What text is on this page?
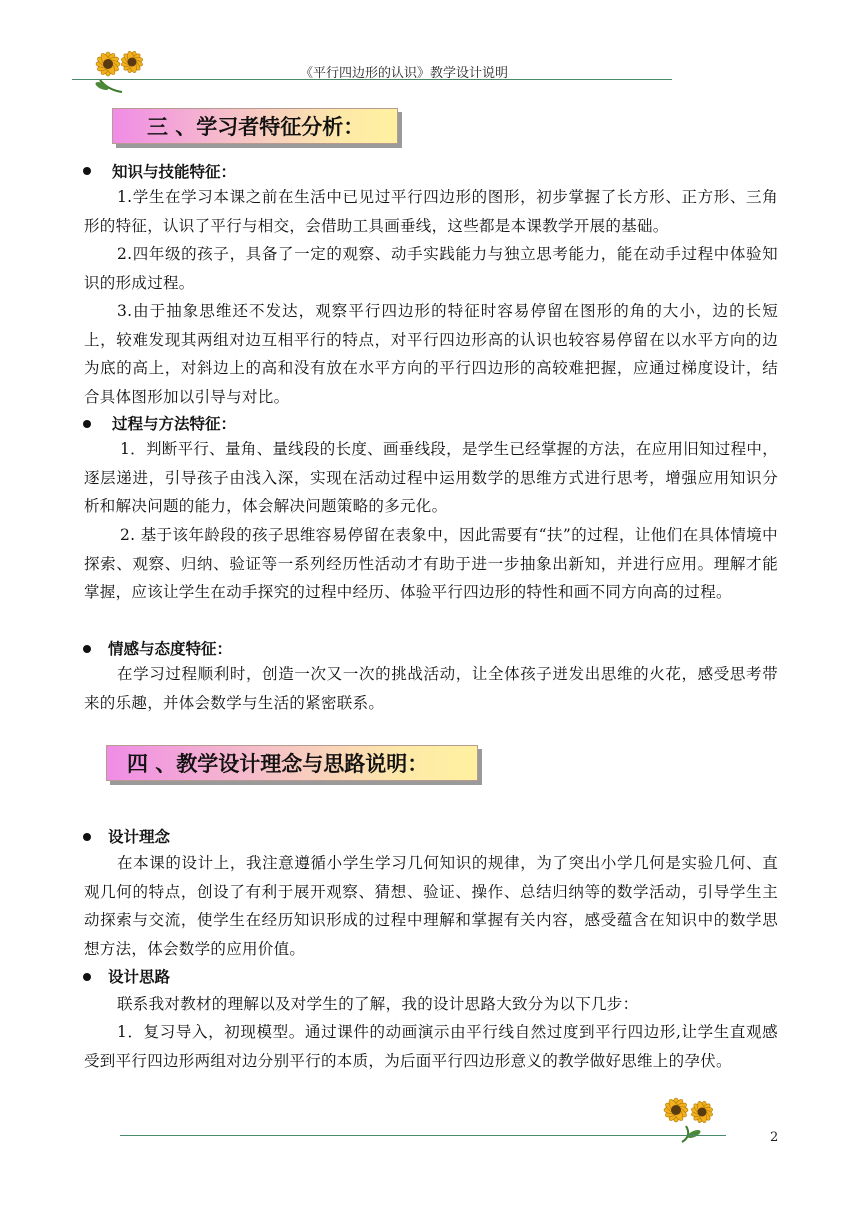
《平行四边形的认识》教学设计说明
三 、学习者特征分析：
知识与技能特征：
1.学生在学习本课之前在生活中已见过平行四边形的图形，初步掌握了长方形、正方形、三角形的特征，认识了平行与相交，会借助工具画垂线，这些都是本课教学开展的基础。
2.四年级的孩子，具备了一定的观察、动手实践能力与独立思考能力，能在动手过程中体验知识的形成过程。
3.由于抽象思维还不发达，观察平行四边形的特征时容易停留在图形的角的大小，边的长短上，较难发现其两组对边互相平行的特点，对平行四边形高的认识也较容易停留在以水平方向的边为底的高上，对斜边上的高和没有放在水平方向的平行四边形的高较难把握，应通过梯度设计，结合具体图形加以引导与对比。
过程与方法特征：
1．判断平行、量角、量线段的长度、画垂线段，是学生已经掌握的方法，在应用旧知过程中，逐层递进，引导孩子由浅入深，实现在活动过程中运用数学的思维方式进行思考，增强应用知识分析和解决问题的能力，体会解决问题策略的多元化。
2. 基于该年龄段的孩子思维容易停留在表象中，因此需要有“扶”的过程，让他们在具体情境中探索、观察、归纳、验证等一系列经历性活动才有助于进一步抽象出新知，并进行应用。理解才能掌握，应该让学生在动手探究的过程中经历、体验平行四边形的特性和画不同方向高的过程。
情感与态度特征：
在学习过程顺利时，创造一次又一次的挑战活动，让全体孩子迸发出思维的火花，感受思考带来的乐趣，并体会数学与生活的紧密联系。
四 、教学设计理念与思路说明：
设计理念
在本课的设计上，我注意遵循小学生学习几何知识的规律，为了突出小学几何是实验几何、直观几何的特点，创设了有利于展开观察、猜想、验证、操作、总结归纳等的数学活动，引导学生主动探索与交流，使学生在经历知识形成的过程中理解和掌握有关内容，感受蕴含在知识中的数学思想方法，体会数学的应用价值。
设计思路
联系我对教材的理解以及对学生的了解，我的设计思路大致分为以下几步：
1．复习导入，初现模型。通过课件的动画演示由平行线自然过度到平行四边形,让学生直观感受到平行四边形两组对边分别平行的本质，为后面平行四边形意义的教学做好思维上的孕伏。
2
